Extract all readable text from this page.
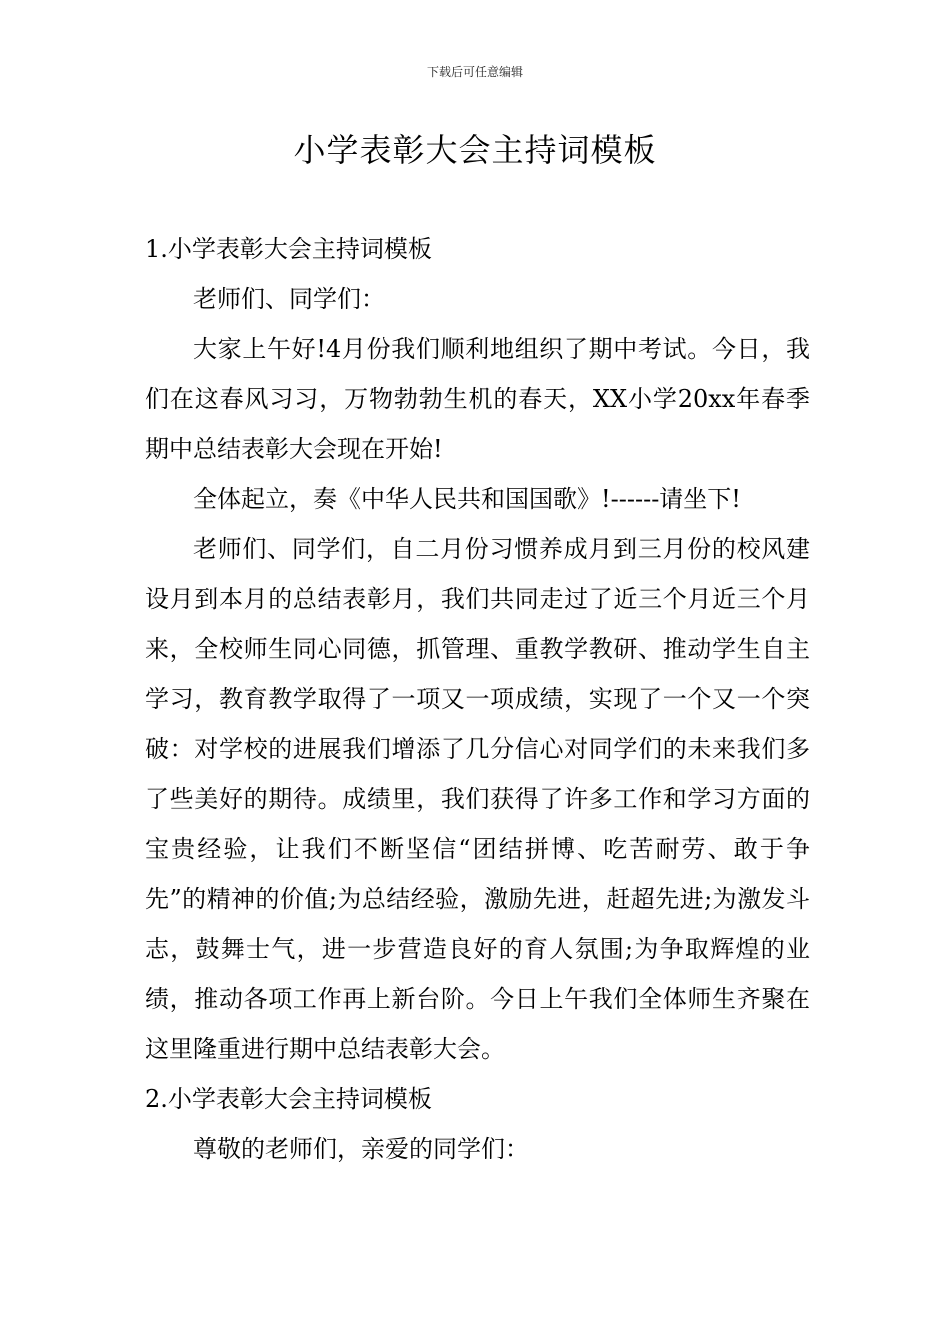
下载后可任意编辑
小学表彰大会主持词模板

1.小学表彰大会主持词模板

老师们、同学们：

大家上午好!4月份我们顺利地组织了期中考试。今日，我们在这春风习习，万物勃勃生机的春天，XX小学20xx年春季期中总结表彰大会现在开始!

全体起立，奏《中华人民共和国国歌》!------请坐下!

老师们、同学们，自二月份习惯养成月到三月份的校风建设月到本月的总结表彰月，我们共同走过了近三个月近三个月来，全校师生同心同德，抓管理、重教学教研、推动学生自主学习，教育教学取得了一项又一项成绩，实现了一个又一个突破：对学校的进展我们增添了几分信心对同学们的未来我们多了些美好的期待。成绩里，我们获得了许多工作和学习方面的宝贵经验，让我们不断坚信“团结拼博、吃苦耐劳、敢于争先”的精神的价值;为总结经验，激励先进，赶超先进;为激发斗志，鼓舞士气，进一步营造良好的育人氛围;为争取辉煌的业绩，推动各项工作再上新台阶。今日上午我们全体师生齐聚在这里隆重进行期中总结表彰大会。

2.小学表彰大会主持词模板

尊敬的老师们，亲爱的同学们：
